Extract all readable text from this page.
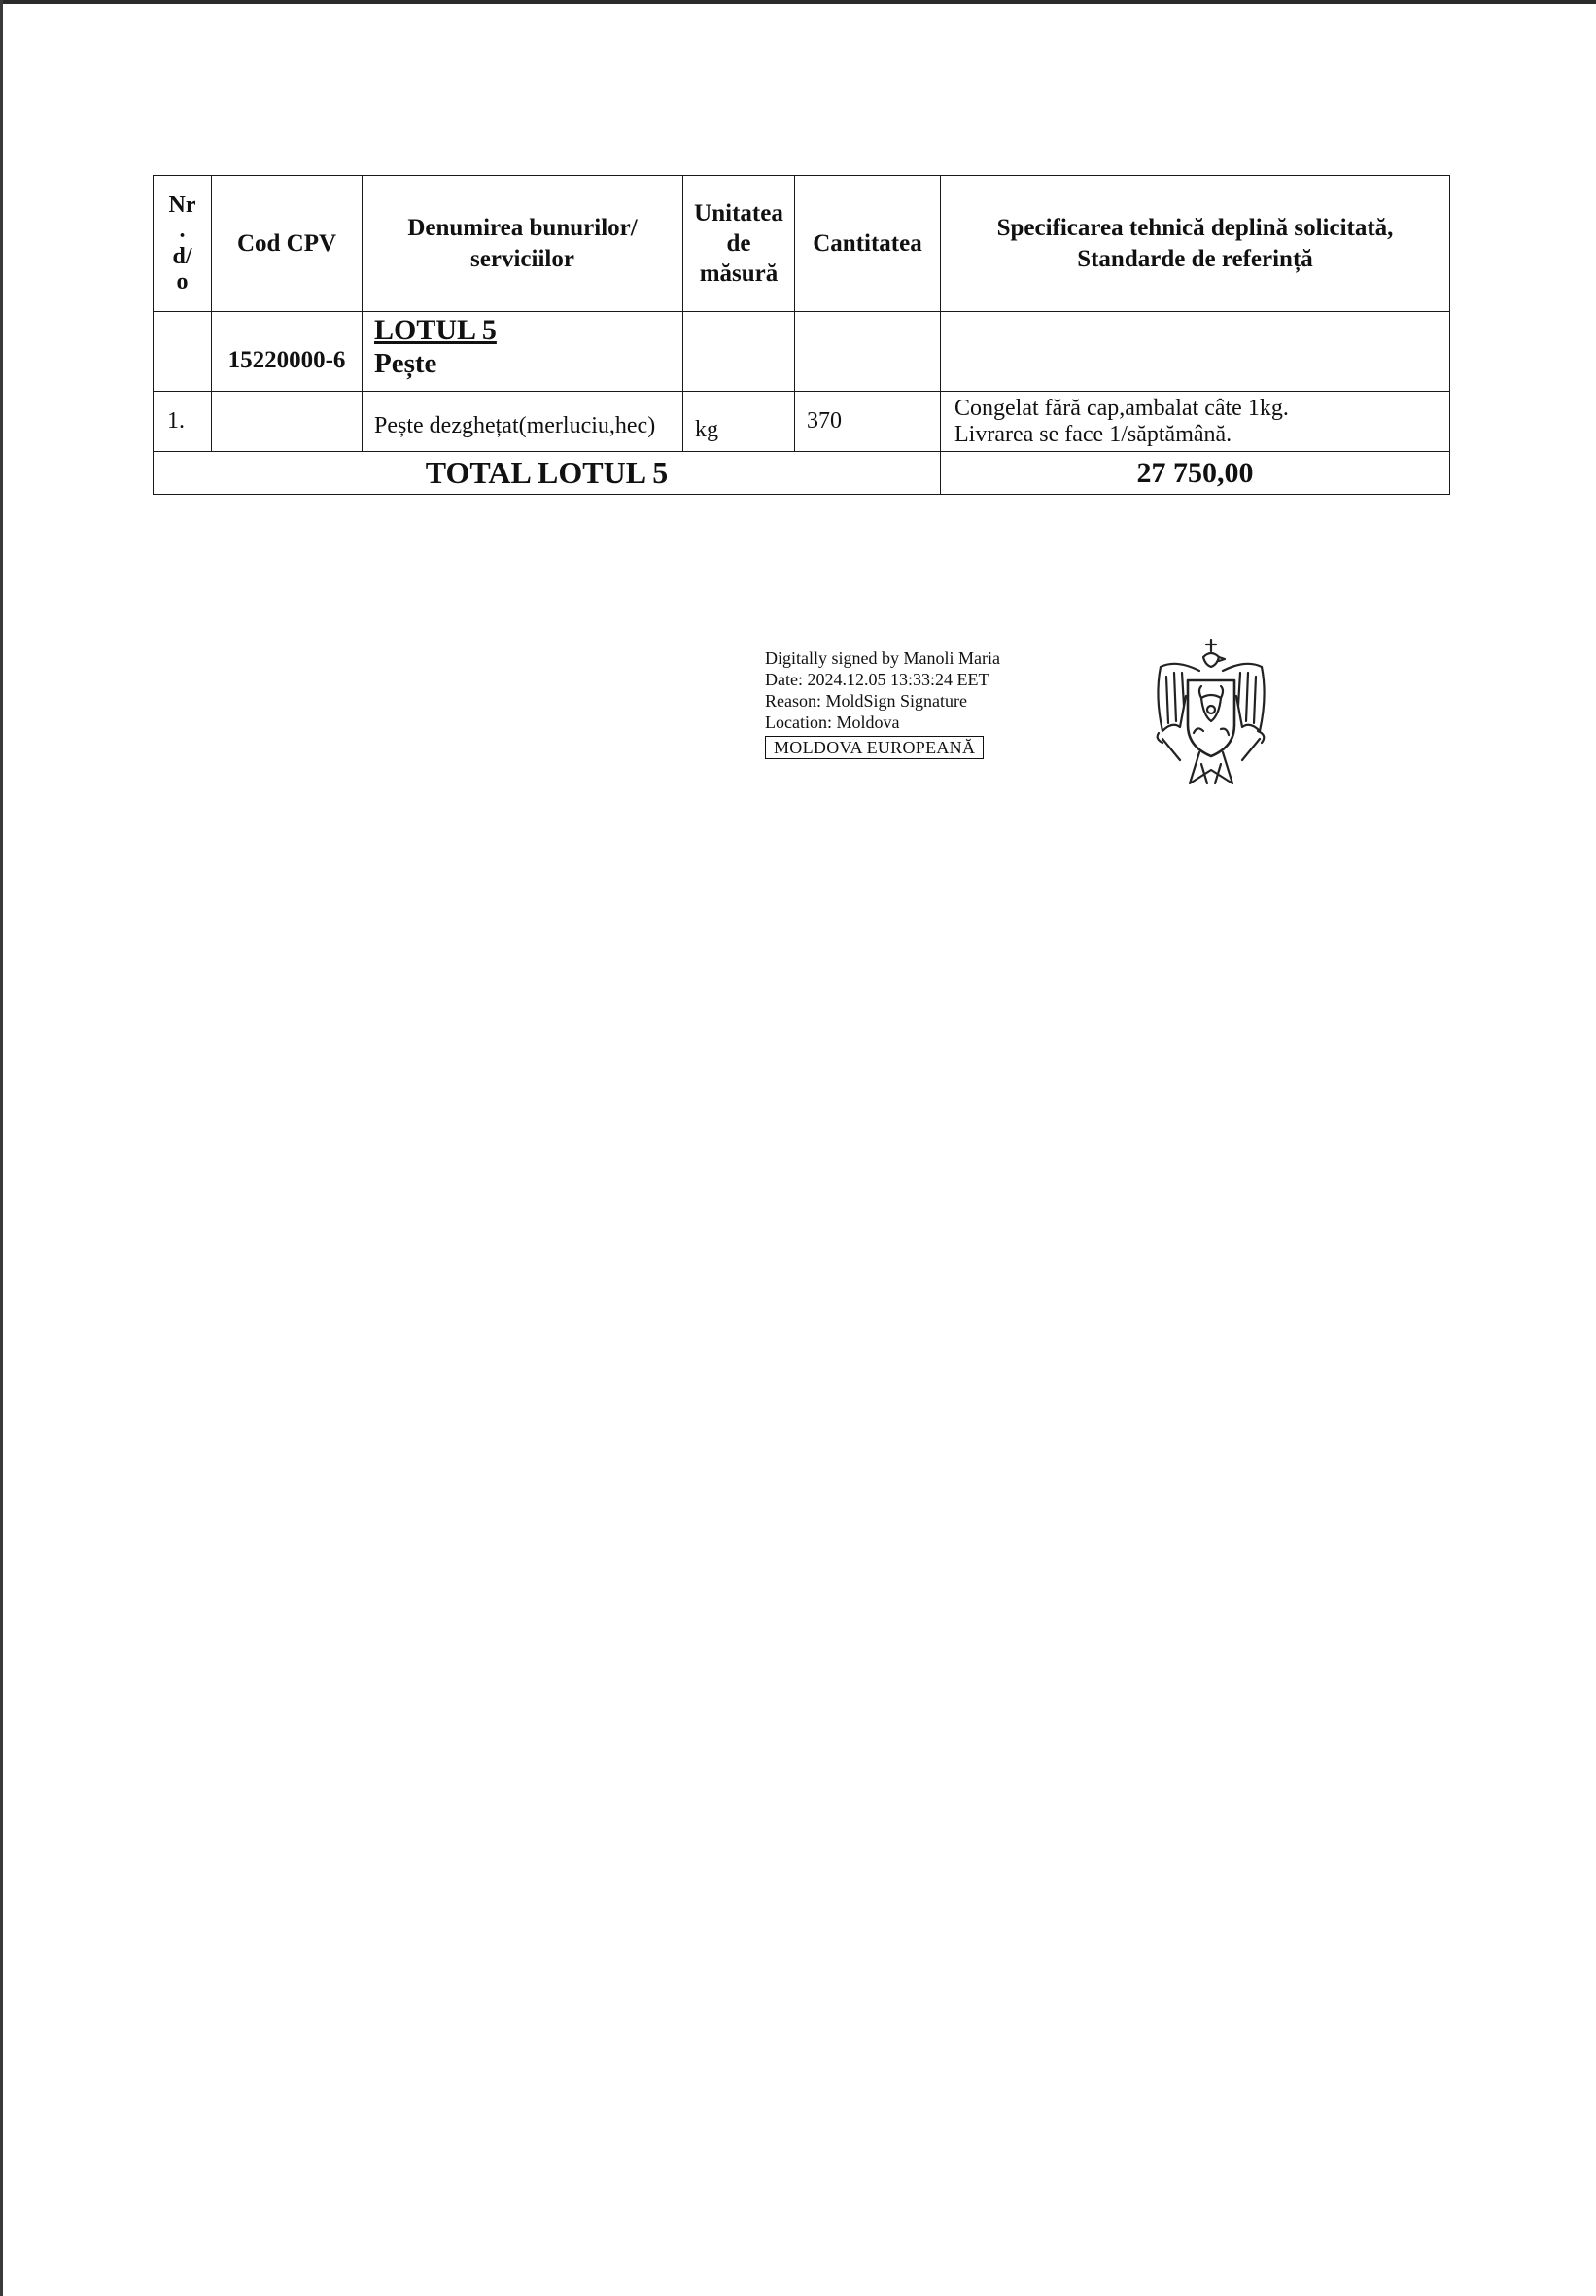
Nr
.
d/
o	Cod CPV	Denumirea bunurilor/ serviciilor	Unitatea
de
măsură	Cantitatea	Specificarea tehnică deplină solicitată,
Standarde de referință
	15220000-6	LOTUL 5
Pește			

1.		Pește dezghețat(merluciu,hec)	kg	370	Congelat fără cap,ambalat câte 1kg.
Livrarea se face 1/săptămână.

TOTAL LOTUL 5					27 750,00
Digitally signed by Manoli Maria
Date: 2024.12.05 13:33:24 EET
Reason: MoldSign Signature
Location: Moldova
MOLDOVA EUROPEANĂ
